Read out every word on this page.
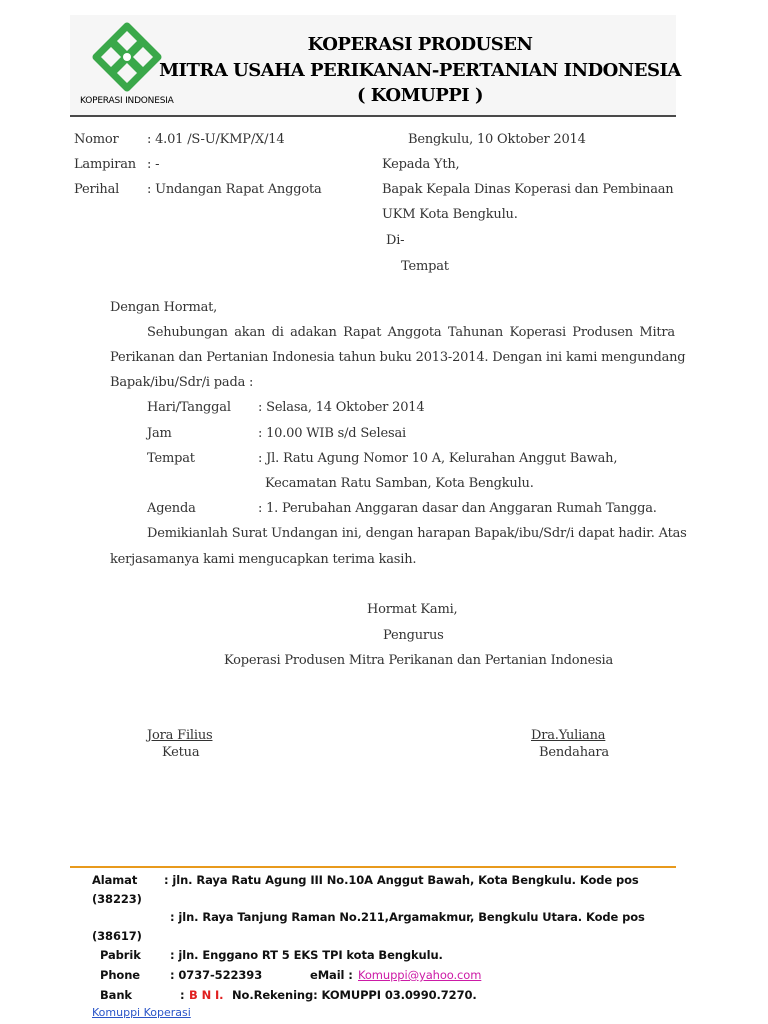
KOPERASI INDONESIA
KOPERASI PRODUSEN
MITRA USAHA PERIKANAN-PERTANIAN INDONESIA
( KOMUPPI )
Nomor : 4.01 /S-U/KMP/X/14
Lampiran : -
Perihal : Undangan Rapat Anggota
Bengkulu, 10 Oktober 2014
Kepada Yth,
Bapak Kepala Dinas Koperasi dan Pembinaan
UKM Kota Bengkulu.
Di-
Tempat
Dengan Hormat,
Sehubungan akan di adakan Rapat Anggota Tahunan Koperasi Produsen Mitra
Perikanan dan Pertanian Indonesia tahun buku 2013-2014. Dengan ini kami mengundang
Bapak/ibu/Sdr/i pada :
Hari/Tanggal : Selasa, 14 Oktober 2014
Jam	: 10.00 WIB s/d Selesai
Tempat	: Jl. Ratu Agung Nomor 10 A, Kelurahan Anggut Bawah,
Kecamatan Ratu Samban, Kota Bengkulu.
Agenda	: 1. Perubahan Anggaran dasar dan Anggaran Rumah Tangga.
Demikianlah Surat Undangan ini, dengan harapan Bapak/ibu/Sdr/i dapat hadir. Atas
kerjasamanya kami mengucapkan terima kasih.
Hormat Kami,
Pengurus
Koperasi Produsen Mitra Perikanan dan Pertanian Indonesia
Jora Filius
Ketua
Dra.Yuliana
Bendahara
Alamat : jln. Raya Ratu Agung III No.10A Anggut Bawah, Kota Bengkulu. Kode pos
(38223)
: jln. Raya Tanjung Raman No.211,Argamakmur, Bengkulu Utara. Kode pos
(38617)
Pabrik	: jln. Enggano RT 5 EKS TPI kota Bengkulu.
Phone	: 0737-522393	eMail : Komuppi@yahoo.com
Bank	: B N I. No.Rekening: KOMUPPI 03.0990.7270.
Komuppi Koperasi
